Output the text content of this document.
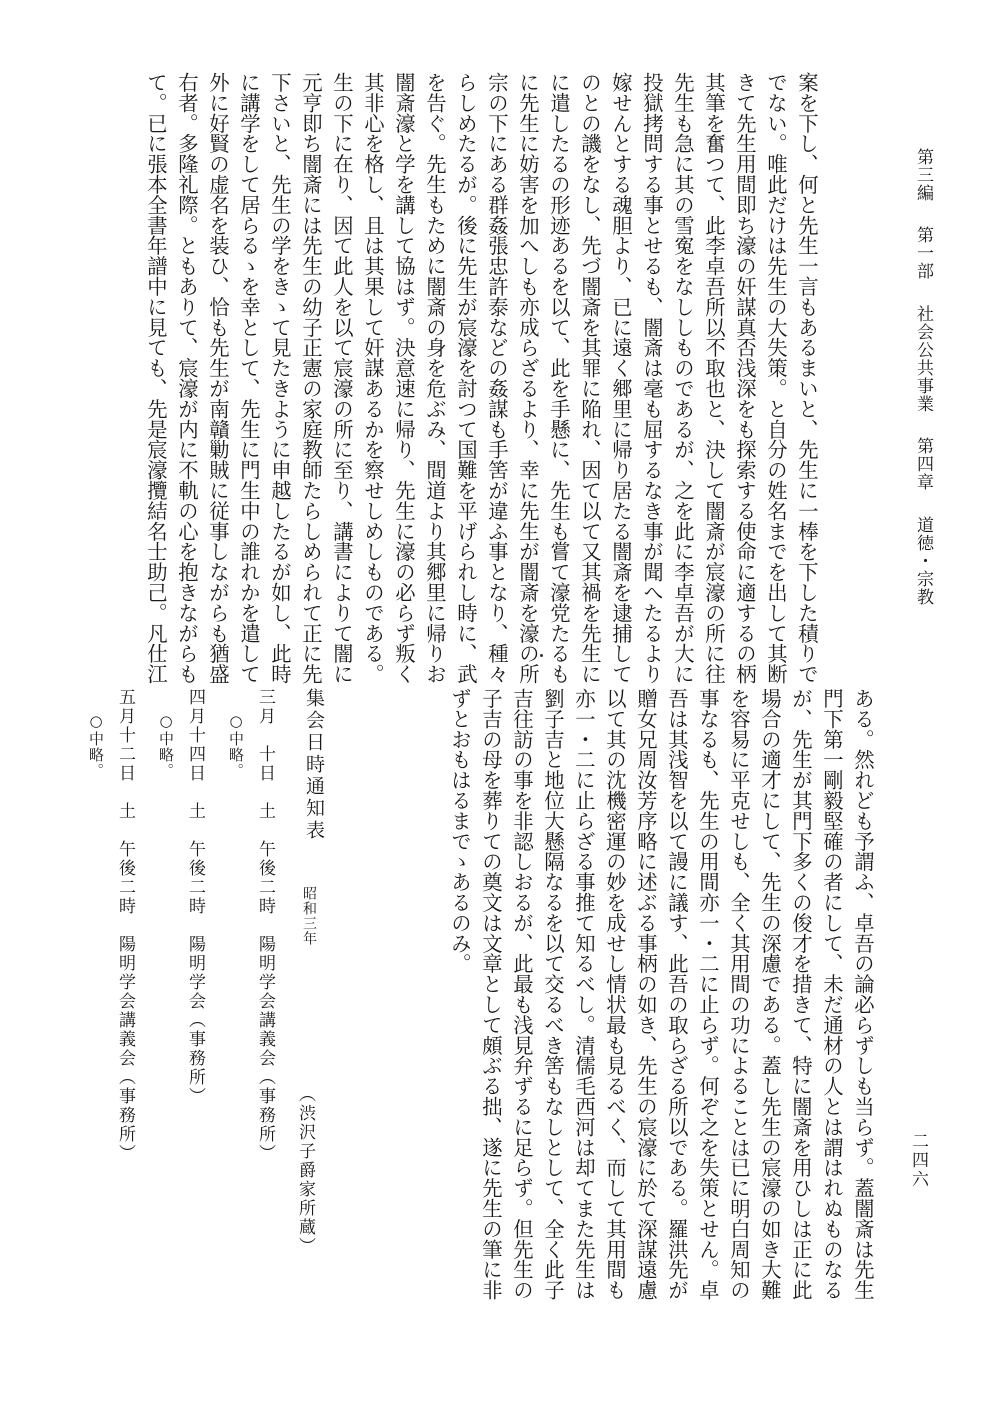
第三編 第一部 社会公共事業 第四章 道徳・宗教
二四六
て。已に張本全書年譜中に見ても、先是宸濠攬結名士助己。凡仕江 右者。多隆礼際。ともありて、宸濠が内に不軌の心を抱きながらも 外に好賢の虚名を装ひ、恰も先生が南贛勦賊に従事しながらも猶盛 に講学をして居らるゝを幸として、先生に門生中の誰れかを遣して 下さいと、先生の学をきゝて見たきように申越したるが如し、此時 元亨即ち闇斎には先生の幼子正憲の家庭教師たらしめられて正に先 生の下に在り、因て此人を以て宸濠の所に至り、講書によりて闇に 其非心を格し、且は其果して奸謀あるかを察せしめしものである。 闇斎濠と学を講して協はず。決意速に帰り、先生に濠の必らず叛く を告ぐ。先生もために闇斎の身を危ぶみ、間道より其郷里に帰りお らしめたるが。後に先生が宸濠を討つて国難を平げられし時に、武 宗の下にある群姦張忠許泰などの姦謀も手筈が違ふ事となり、種々 に先生に妨害を加へしも亦成らざるより、幸に先生が闇斎を濠の所 に遣したるの形迹あるを以て、此を手懸に、先生も嘗て濠党たるも のとの譏をなし、先づ闇斎を其罪に陥れ、因て以て又其禍を先生に 嫁せんとする魂胆より、已に遠く郷里に帰り居たる闇斎を逮捕して 投獄拷問する事とせるも、闇斎は毫も屈するなき事が聞へたるより 先生も急に其の雪寃をなししものであるが、之を此に李卓吾が大に 其筆を奮つて、此李卓吾所以不取也と、決して闇斎が宸濠の所に往 きて先生用間即ち濠の奸謀真否浅深をも探索する使命に適するの柄 でない。唯此だけは先生の大失策。と自分の姓名までを出して其断 案を下し、何と先生一言もあるまいと、先生に一棒を下した積りで
ある。然れども予謂ふ、卓吾の論必らずしも当らず。蓋闇斎は先生
門下第一剛毅堅確の者にして、未だ通材の人とは謂はれぬものなる
が、先生が其門下多くの俊才を措きて、特に闇斎を用ひしは正に此
場合の適才にして、先生の深慮である。蓋し先生の宸濠の如き大難
を容易に平克せしも、全く其用間の功によることは已に明白周知の
事なるも、先生の用間亦一・二に止らず。何ぞ之を失策とせん。卓
吾は其浅智を以て謾に議す、此吾の取らざる所以である。羅洪先が
贈女兄周汝芳序略に述ぶる事柄の如き、先生の宸濠に於て深謀遠慮
以て其の沈機密運の妙を成せし情状最も見るべく、而して其用間も
亦一・二に止らざる事推て知るべし。清儒毛西河は却てまた先生は
劉子吉と地位大懸隔なるを以て交るべき筈もなしとして、全く此子
吉往訪の事を非認しおるが、此最も浅見弁ずるに足らず。但先生の
子吉の母を葬りての奠文は文章として頗ぶる拙、遂に先生の筆に非
ずとおもはるまでゝあるのみ。
集会日時通知表
昭和三年
（渋沢子爵家所蔵）
三月　十日　土　午後二時　陽明学会講義会（事務所）
○中略。
四月十四日　土　午後二時　陽明学会（事務所）
○中略。
五月十二日　土　午後二時　陽明学会講義会（事務所）
○中略。
